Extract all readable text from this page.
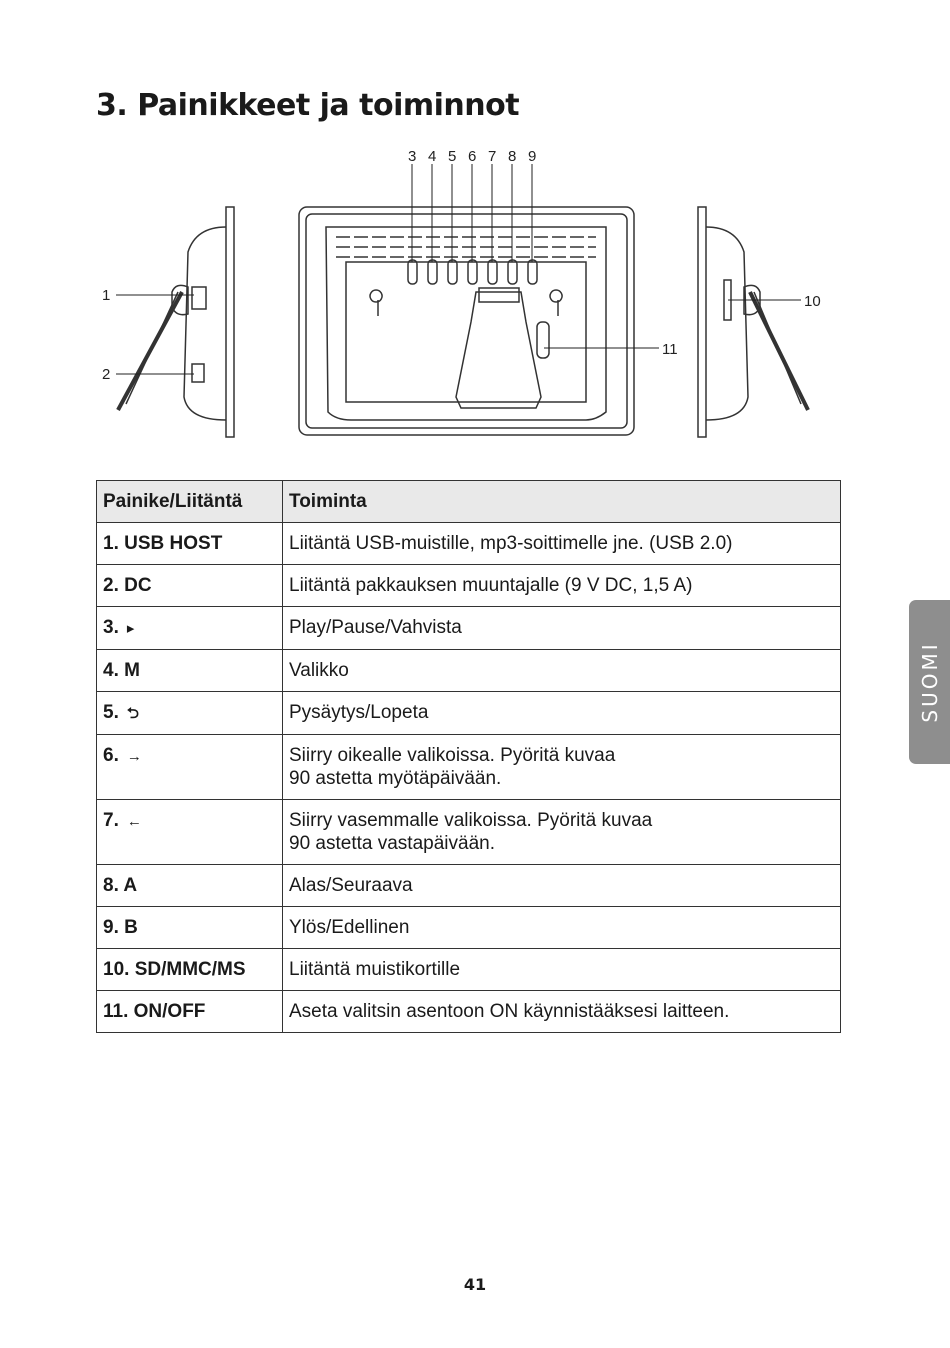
3. Painikkeet ja toiminnot
1
2
3 4 5 6 7 8 9
10
11
Painike/Liitäntä	Toiminta
1. USB HOST	Liitäntä USB-muistille, mp3-soittimelle jne. (USB 2.0)
2. DC	Liitäntä pakkauksen muuntajalle (9 V DC, 1,5 A)
3. ▸	Play/Pause/Vahvista
4. M	Valikko
5. ⮌	Pysäytys/Lopeta
6. →	Siirry oikealle valikoissa. Pyöritä kuvaa
90 astetta myötäpäivään.
7. ←	Siirry vasemmalle valikoissa. Pyöritä kuvaa
90 astetta vastapäivään.
8. A	Alas/Seuraava
9. B	Ylös/Edellinen
10. SD/MMC/MS	Liitäntä muistikortille
11. ON/OFF	Aseta valitsin asentoon ON käynnistääksesi laitteen.
SUOMI
41
